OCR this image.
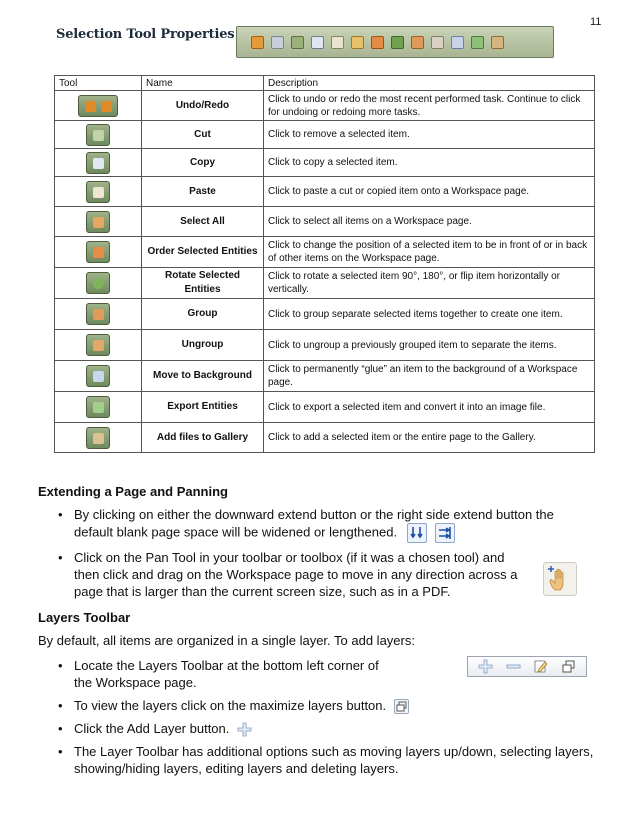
11
Selection Tool Properties
Tool	Name	Description

	Undo/Redo	Click to undo or redo the most recent performed task. Continue to click for undoing or redoing more tasks.

	Cut	Click to remove a selected item.

	Copy	Click to copy a selected item.

	Paste	Click to paste a cut or copied item onto a Workspace page.

	Select All	Click to select all items on a Workspace page.

	Order Selected Entities	Click to change the position of a selected item to be in front of or in back of other items on the Workspace page.

	Rotate Selected Entities	Click to rotate a selected item 90°, 180°, or flip item horizontally or vertically.

	Group	Click to group separate selected items together to create one item.

	Ungroup	Click to ungroup a previously grouped item to separate the items.

	Move to Background	Click to permanently “glue” an item to the background of a Workspace page.

	Export Entities	Click to export a selected item and convert it into an image file.

	Add files to Gallery	Click to add a selected item or the entire page to the Gallery.
Extending a Page and Panning
• By clicking on either the downward extend button or the right side extend button the default blank page space will be widened or lengthened.
• Click on the Pan Tool in your toolbar or toolbox (if it was a chosen tool) and then click and drag on the Workspace page to move in any direction across a page that is larger than the current screen size, such as in a PDF.
Layers Toolbar
By default, all items are organized in a single layer. To add layers:
• Locate the Layers Toolbar at the bottom left corner of the Workspace page.
• To view the layers click on the maximize layers button.
• Click the Add Layer button.
• The Layer Toolbar has additional options such as moving layers up/down, selecting layers, showing/hiding layers, editing layers and deleting layers.
